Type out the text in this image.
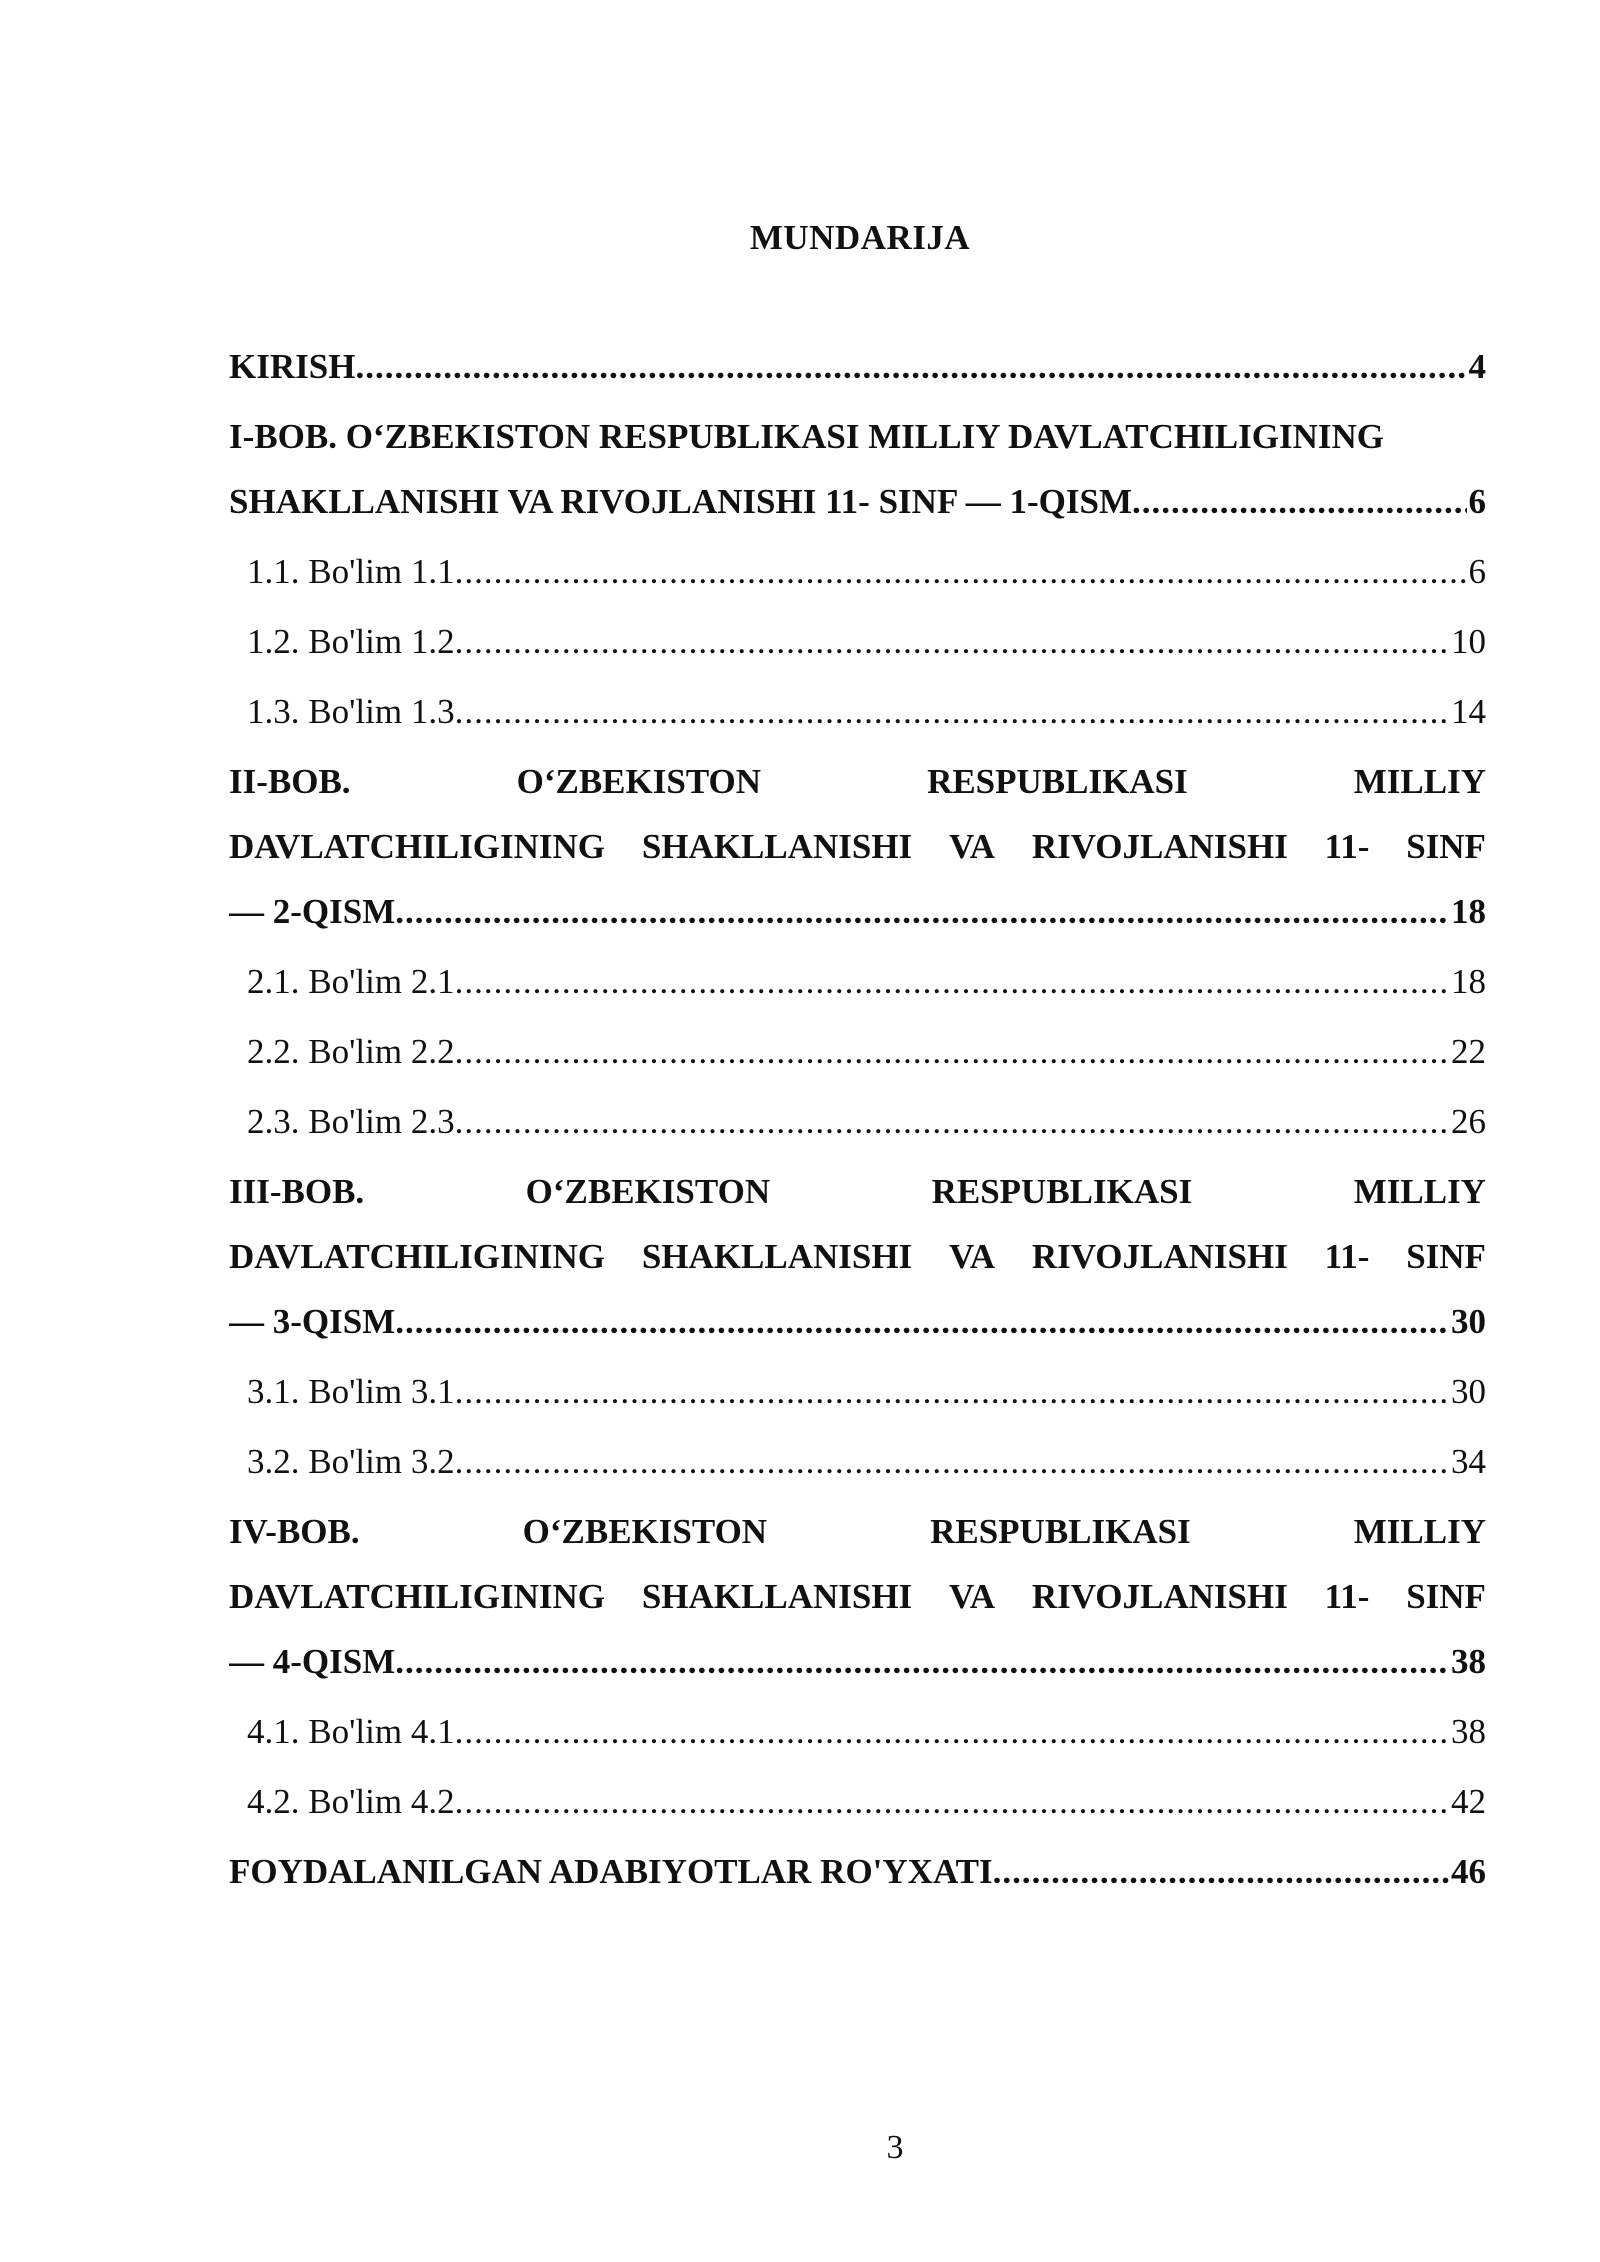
MUNDARIJA
KIRISH .....	4
I-BOB. O‘ZBEKISTON RESPUBLIKASI MILLIY DAVLATCHILIGINING
SHAKLLANISHI VA RIVOJLANISHI 11- SINF — 1-QISM .....	6
1.1. Bo'lim 1.1 .....	6
1.2. Bo'lim 1.2 .....	10
1.3. Bo'lim 1.3 .....	14
II-BOB.	O‘ZBEKISTON	RESPUBLIKASI	MILLIY
DAVLATCHILIGINING SHAKLLANISHI VA RIVOJLANISHI 11- SINF
— 2-QISM .....	18
2.1. Bo'lim 2.1 .....	18
2.2. Bo'lim 2.2 .....	22
2.3. Bo'lim 2.3 .....	26
III-BOB.	O‘ZBEKISTON	RESPUBLIKASI	MILLIY
DAVLATCHILIGINING SHAKLLANISHI VA RIVOJLANISHI 11- SINF
— 3-QISM .....	30
3.1. Bo'lim 3.1 .....	30
3.2. Bo'lim 3.2 .....	34
IV-BOB.	O‘ZBEKISTON	RESPUBLIKASI	MILLIY
DAVLATCHILIGINING SHAKLLANISHI VA RIVOJLANISHI 11- SINF
— 4-QISM .....	38
4.1. Bo'lim 4.1 .....	38
4.2. Bo'lim 4.2 .....	42
FOYDALANILGAN ADABIYOTLAR RO'YXATI .....	46
3
